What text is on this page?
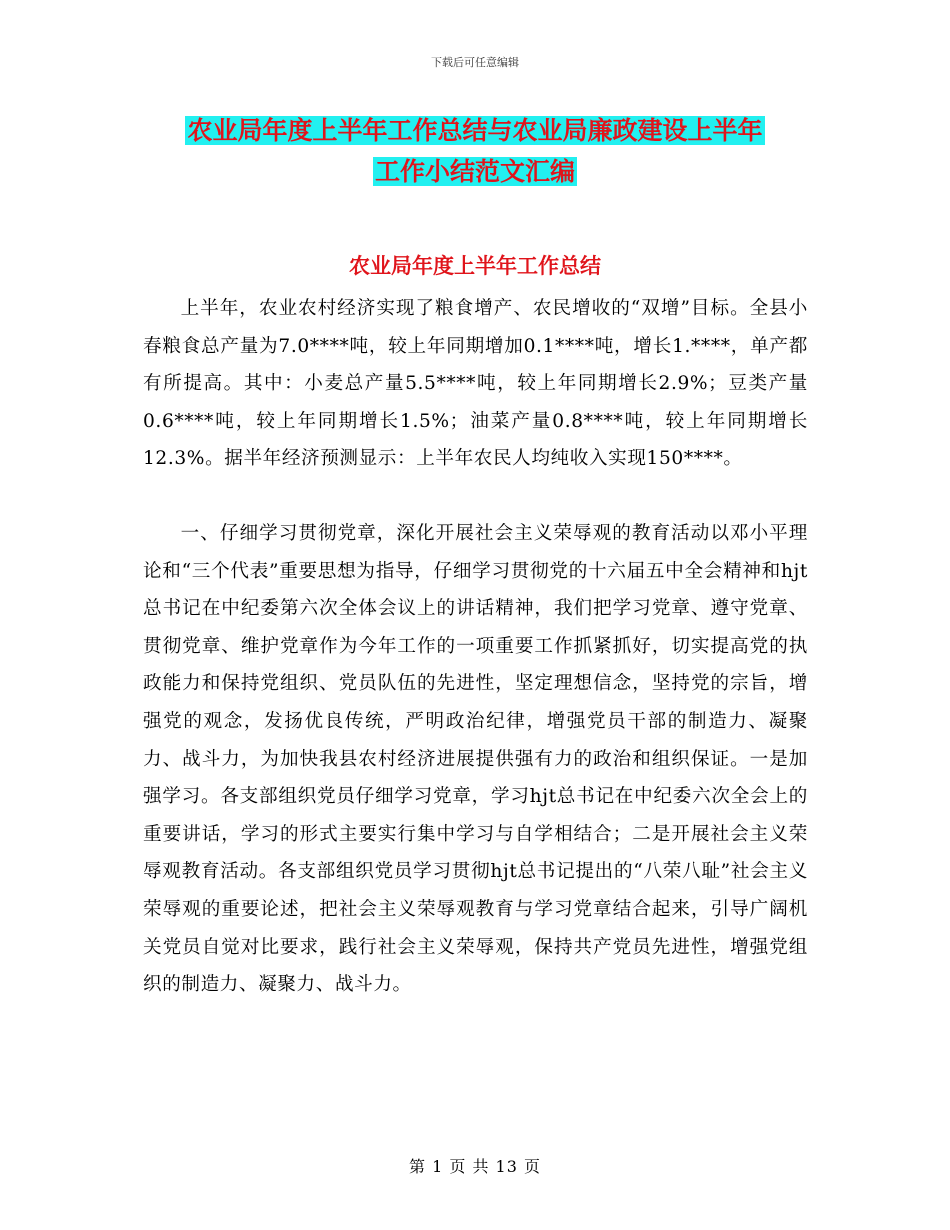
下载后可任意编辑
农业局年度上半年工作总结与农业局廉政建设上半年
工作小结范文汇编
农业局年度上半年工作总结
上半年，农业农村经济实现了粮食增产、农民增收的“双增”目标。全县小春粮食总产量为7.0****吨，较上年同期增加0.1****吨，增长1.****，单产都有所提高。其中：小麦总产量5.5****吨，较上年同期增长2.9%；豆类产量0.6****吨，较上年同期增长1.5%；油菜产量0.8****吨，较上年同期增长12.3%。据半年经济预测显示：上半年农民人均纯收入实现150****。
一、仔细学习贯彻党章，深化开展社会主义荣辱观的教育活动以邓小平理论和“三个代表”重要思想为指导，仔细学习贯彻党的十六届五中全会精神和hjt总书记在中纪委第六次全体会议上的讲话精神，我们把学习党章、遵守党章、贯彻党章、维护党章作为今年工作的一项重要工作抓紧抓好，切实提高党的执政能力和保持党组织、党员队伍的先进性，坚定理想信念，坚持党的宗旨，增强党的观念，发扬优良传统，严明政治纪律，增强党员干部的制造力、凝聚力、战斗力，为加快我县农村经济进展提供强有力的政治和组织保证。一是加强学习。各支部组织党员仔细学习党章，学习hjt总书记在中纪委六次全会上的重要讲话，学习的形式主要实行集中学习与自学相结合；二是开展社会主义荣辱观教育活动。各支部组织党员学习贯彻hjt总书记提出的“八荣八耻”社会主义荣辱观的重要论述，把社会主义荣辱观教育与学习党章结合起来，引导广阔机关党员自觉对比要求，践行社会主义荣辱观，保持共产党员先进性，增强党组织的制造力、凝聚力、战斗力。
第 1 页 共 13 页
